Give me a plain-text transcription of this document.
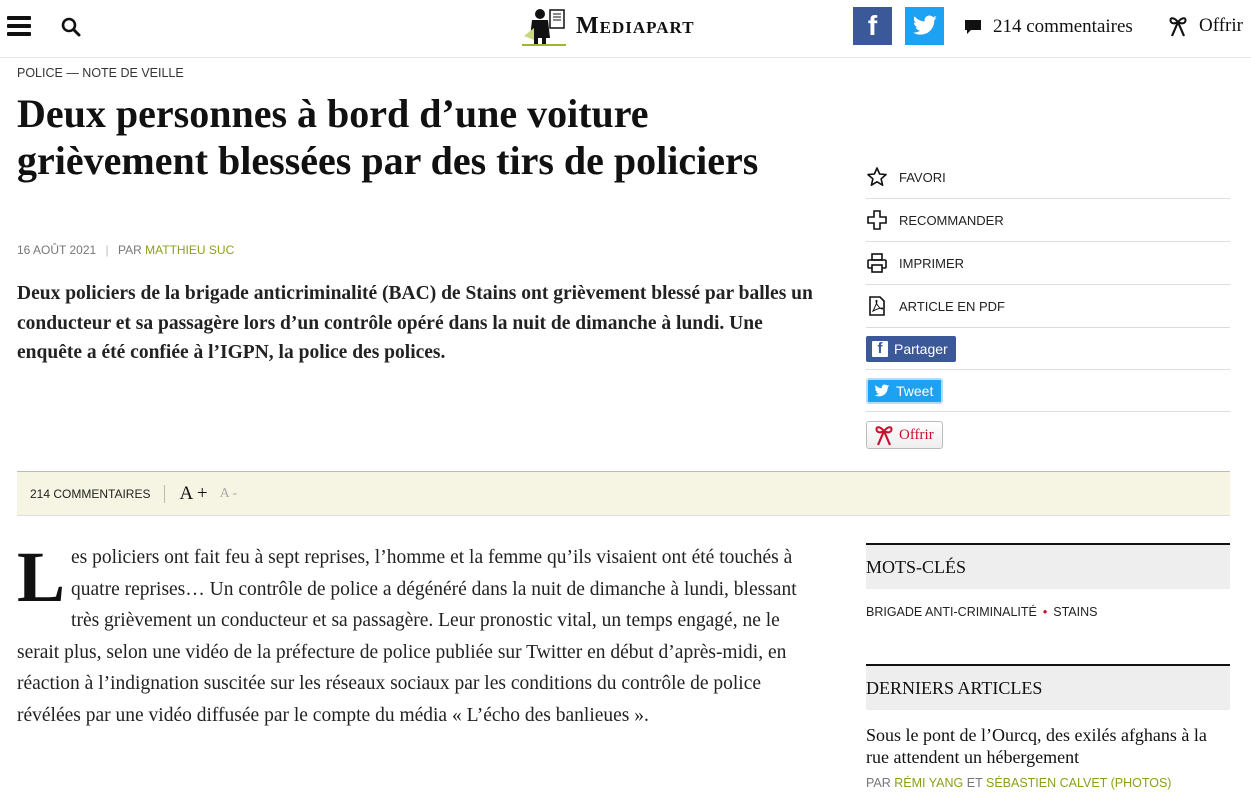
Mediapart	f	214 commentaires	Offrir
POLICE — NOTE DE VEILLE
Deux personnes à bord d’une voiture grièvement blessées par des tirs de policiers
16 AOÛT 2021 | PAR MATTHIEU SUC

Deux policiers de la brigade anticriminalité (BAC) de Stains ont grièvement blessé par balles un conducteur et sa passagère lors d’un contrôle opéré dans la nuit de dimanche à lundi. Une enquête a été confiée à l’IGPN, la police des polices.

FAVORI
RECOMMANDER
IMPRIMER
ARTICLE EN PDF
f Partager
Tweet
Offrir
214 COMMENTAIRES A + A -
Les policiers ont fait feu à sept reprises, l’homme et la femme qu’ils visaient ont été touchés à quatre reprises… Un contrôle de police a dégénéré dans la nuit de dimanche à lundi, blessant très grièvement un conducteur et sa passagère. Leur pronostic vital, un temps engagé, ne le serait plus, selon une vidéo de la préfecture de police publiée sur Twitter en début d’après-midi, en réaction à l’indignation suscitée sur les réseaux sociaux par les conditions du contrôle de police révélées par une vidéo diffusée par le compte du média « L’écho des banlieues ».
MOTS-CLÉS
BRIGADE ANTI-CRIMINALITÉ • STAINS
DERNIERS ARTICLES
Sous le pont de l’Ourcq, des exilés afghans à la rue attendent un hébergement
PAR RÉMI YANG ET SÉBASTIEN CALVET (PHOTOS)
